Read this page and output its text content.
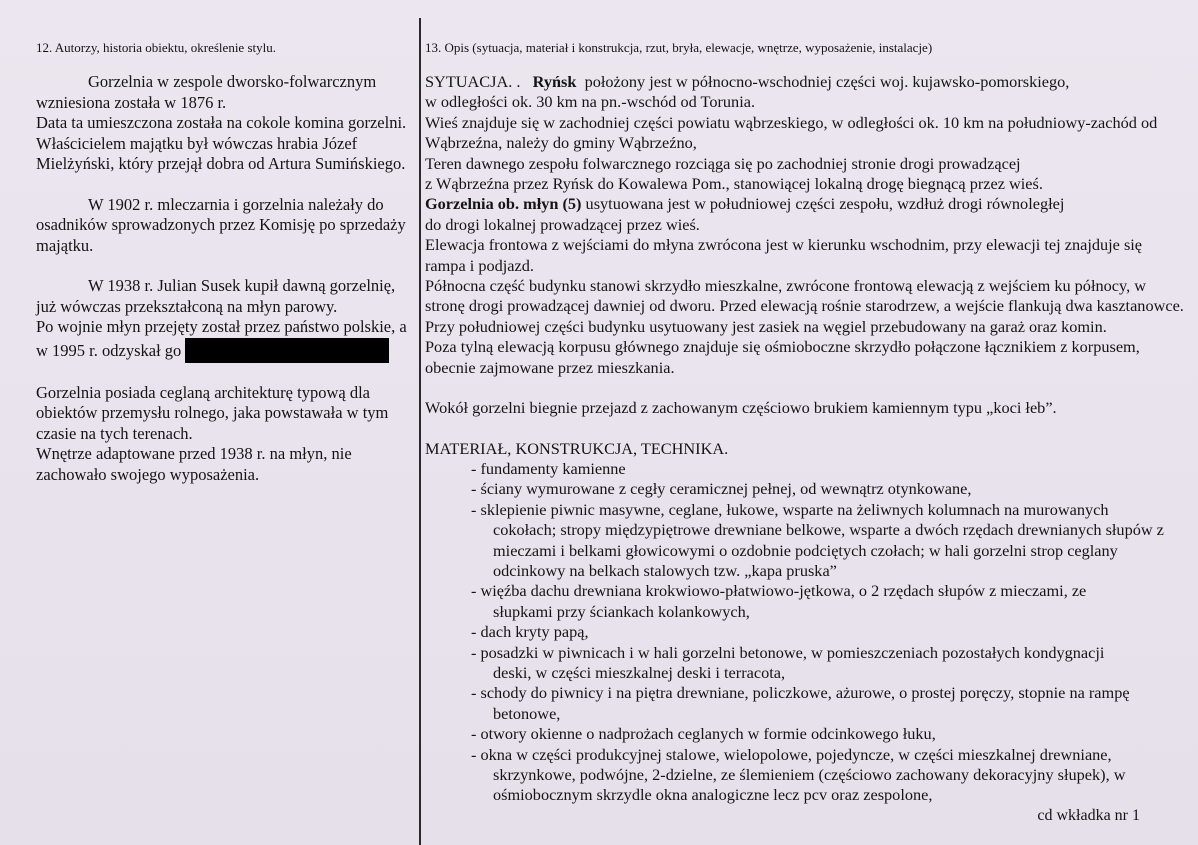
12. Autorzy, historia obiektu, określenie stylu.

Gorzelnia w zespole dworsko-folwarcznym wzniesiona została w 1876 r.

Data ta umieszczona została na cokole komina gorzelni. Właścicielem majątku był wówczas hrabia Józef Mielżyński, który przejął dobra od Artura Sumińskiego.

W 1902 r. mleczarnia i gorzelnia należały do osadników sprowadzonych przez Komisję po sprzedaży majątku.

W 1938 r. Julian Susek kupił dawną gorzelnię, już wówczas przekształconą na młyn parowy.

Po wojnie młyn przejęty został przez państwo polskie, a w 1995 r. odzyskał go

Gorzelnia posiada ceglaną architekturę typową dla obiektów przemysłu rolnego, jaka powstawała w tym czasie na tych terenach.

Wnętrze adaptowane przed 1938 r. na młyn, nie zachowało swojego wyposażenia.

13. Opis (sytuacja, materiał i konstrukcja, rzut, bryła, elewacje, wnętrze, wyposażenie, instalacje)

SYTUACJA. . Ryńsk położony jest w północno-wschodniej części woj. kujawsko-pomorskiego,

w odległości ok. 30 km na pn.-wschód od Torunia.

Wieś znajduje się w zachodniej części powiatu wąbrzeskiego, w odległości ok. 10 km na południowy-zachód od Wąbrzeźna, należy do gminy Wąbrzeźno,

Teren dawnego zespołu folwarcznego rozciąga się po zachodniej stronie drogi prowadzącej

z Wąbrzeźna przez Ryńsk do Kowalewa Pom., stanowiącej lokalną drogę biegnącą przez wieś.

Gorzelnia ob. młyn (5) usytuowana jest w południowej części zespołu, wzdłuż drogi równoległej

do drogi lokalnej prowadzącej przez wieś.

Elewacja frontowa z wejściami do młyna zwrócona jest w kierunku wschodnim, przy elewacji tej znajduje się rampa i podjazd.

Północna część budynku stanowi skrzydło mieszkalne, zwrócone frontową elewacją z wejściem ku północy, w stronę drogi prowadzącej dawniej od dworu. Przed elewacją rośnie starodrzew, a wejście flankują dwa kasztanowce.

Przy południowej części budynku usytuowany jest zasiek na węgiel przebudowany na garaż oraz komin.

Poza tylną elewacją korpusu głównego znajduje się ośmioboczne skrzydło połączone łącznikiem z korpusem, obecnie zajmowane przez mieszkania.

Wokół gorzelni biegnie przejazd z zachowanym częściowo brukiem kamiennym typu „koci łeb”.

MATERIAŁ, KONSTRUKCJA, TECHNIKA.

- fundamenty kamienne
- ściany wymurowane z cegły ceramicznej pełnej, od wewnątrz otynkowane,
- sklepienie piwnic masywne, ceglane, łukowe, wsparte na żeliwnych kolumnach na murowanych
cokołach; stropy międzypiętrowe drewniane belkowe, wsparte a dwóch rzędach drewnianych słupów z mieczami i belkami głowicowymi o ozdobnie podciętych czołach; w hali gorzelni strop ceglany odcinkowy na belkach stalowych tzw. „kapa pruska”
- więźba dachu drewniana krokwiowo-płatwiowo-jętkowa, o 2 rzędach słupów z mieczami, ze
słupkami przy ściankach kolankowych,
- dach kryty papą,
- posadzki w piwnicach i w hali gorzelni betonowe, w pomieszczeniach pozostałych kondygnacji
deski, w części mieszkalnej deski i terracota,
- schody do piwnicy i na piętra drewniane, policzkowe, ażurowe, o prostej poręczy, stopnie na rampę
betonowe,
- otwory okienne o nadprożach ceglanych w formie odcinkowego łuku,
- okna w części produkcyjnej stalowe, wielopolowe, pojedyncze, w części mieszkalnej drewniane,
skrzynkowe, podwójne, 2-dzielne, ze ślemieniem (częściowo zachowany dekoracyjny słupek), w ośmiobocznym skrzydle okna analogiczne lecz pcv oraz zespolone,
cd wkładka nr 1
